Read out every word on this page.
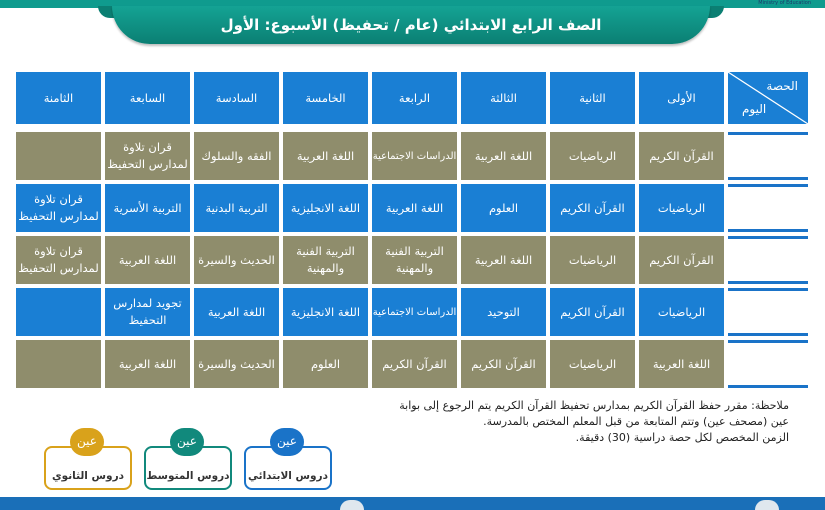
Ministry of Education
الصف الرابع الابتدائي (عام / تحفيظ) الأسبوع: الأول
الحصة
اليوم	الأولى	الثانية	الثالثة	الرابعة	الخامسة	السادسة	السابعة	الثامنة

الأحـــد	القرآن الكريم	الرياضيات	اللغة العربية	الدراسات الاجتماعية	اللغة العربية	الفقه والسلوك	قران تلاوة لمدارس التحفيظ	

الإثنيــن	الرياضيات	القرآن الكريم	العلوم	اللغة العربية	اللغة الانجليزية	التربية البدنية	التربية الأسرية	قران تلاوة لمدارس التحفيظ

الثـلاثـاء	القرآن الكريم	الرياضيات	اللغة العربية	التربية الفنية والمهنية	التربية الفنية والمهنية	الحديث والسيرة	اللغة العربية	قران تلاوة لمدارس التحفيظ

الأربعـاء	الرياضيات	القرآن الكريم	التوحيد	الدراسات الاجتماعية	اللغة الانجليزية	اللغة العربية	تجويد لمدارس التحفيظ	

الخميس	اللغة العربية	الرياضيات	القرآن الكريم	القرآن الكريم	العلوم	الحديث والسيرة	اللغة العربية	
ملاحظة: مقرر حفظ القرآن الكريم بمدارس تحفيظ القرآن الكريم يتم الرجوع إلى بوابة
عين (مصحف عين) وتتم المتابعة من قبل المعلم المختص بالمدرسة.
الزمن المخصص لكل حصة دراسية (30) دقيقة.
عين
دروس الابتدائي
عين
دروس المتوسط
عين
دروس الثانوي
